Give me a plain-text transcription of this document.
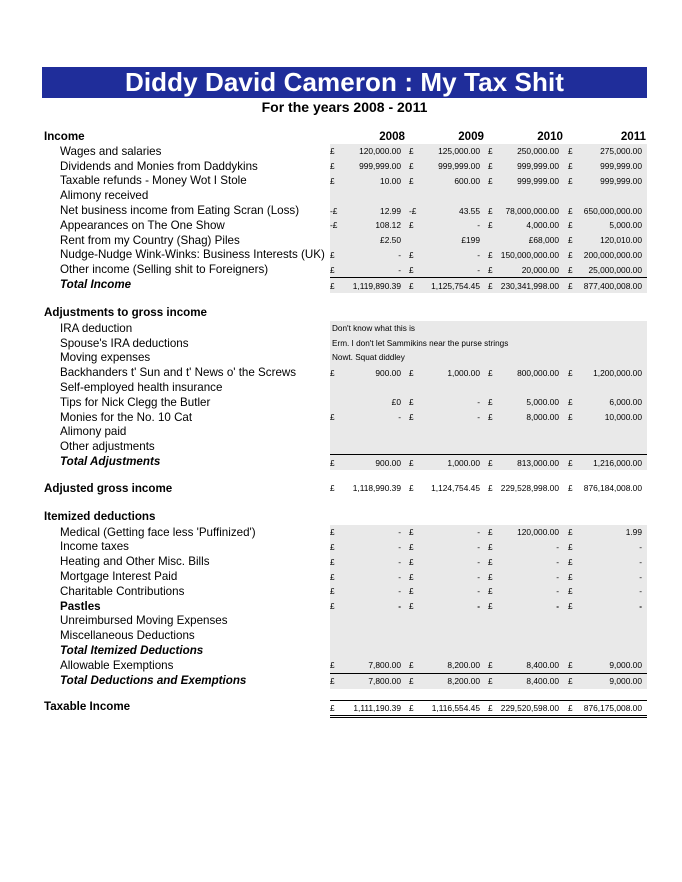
Diddy David Cameron : My Tax Shit
For the years 2008 - 2011
Income	2008	2009	2010	2011
Wages and salaries	£	120,000.00 £	125,000.00 £	250,000.00 £	275,000.00
Dividends and Monies from Daddykins	£	999,999.00 £	999,999.00 £	999,999.00 £	999,999.00
Taxable refunds - Money Wot I Stole	£	10.00 £	600.00 £	999,999.00 £	999,999.00
Alimony received
Net business income from Eating Scran (Loss)	-£	12.99 -£	43.55 £ 78,000,000.00 £ 650,000,000.00
Appearances on The One Show	-£	108.12 £	- £	4,000.00 £	5,000.00
Rent from my Country (Shag) Piles	£2.50	£199	£68,000 £	120,010.00
Nudge-Nudge Wink-Winks: Business Interests (UK) £	- £	- £ 150,000,000.00 £ 200,000,000.00
Other income (Selling shit to Foreigners)	£	- £	- £	20,000.00 £ 25,000,000.00
Total Income	£ 1,119,890.39 £ 1,125,754.45 £ 230,341,998.00 £ 877,400,008.00
Adjustments to gross income
IRA deduction	Don't know what this is
Spouse's IRA deductions	Erm. I don't let Sammikins near the purse strings
Moving expenses	Nowt. Squat diddley
Backhanders t' Sun and t' News o' the Screws	£	900.00 £	1,000.00 £	800,000.00 £ 1,200,000.00
Self-employed health insurance
Tips for Nick Clegg the Butler	£0 £	- £	5,000.00 £	6,000.00
Monies for the No. 10 Cat	£	- £	- £	8,000.00 £	10,000.00
Alimony paid
Other adjustments
Total Adjustments	£	900.00 £	1,000.00 £	813,000.00 £ 1,216,000.00
Adjusted gross income	£ 1,118,990.39 £ 1,124,754.45 £ 229,528,998.00 £ 876,184,008.00
Itemized deductions
Medical (Getting face less 'Puffinized')	£	- £	- £	120,000.00 £	1.99
Income taxes	£	- £	- £	- £	-
Heating and Other Misc. Bills	£	- £	- £	- £	-
Mortgage Interest Paid	£	- £	- £	- £	-
Charitable Contributions	£	- £	- £	- £	-
Pastles	£	- £	- £	- £	-
Unreimbursed Moving Expenses
Miscellaneous Deductions
Total Itemized Deductions
Allowable Exemptions	£	7,800.00 £	8,200.00 £	8,400.00 £	9,000.00
Total Deductions and Exemptions	£	7,800.00 £	8,200.00 £	8,400.00 £	9,000.00
Taxable Income	£ 1,111,190.39 £ 1,116,554.45 £ 229,520,598.00 £ 876,175,008.00
